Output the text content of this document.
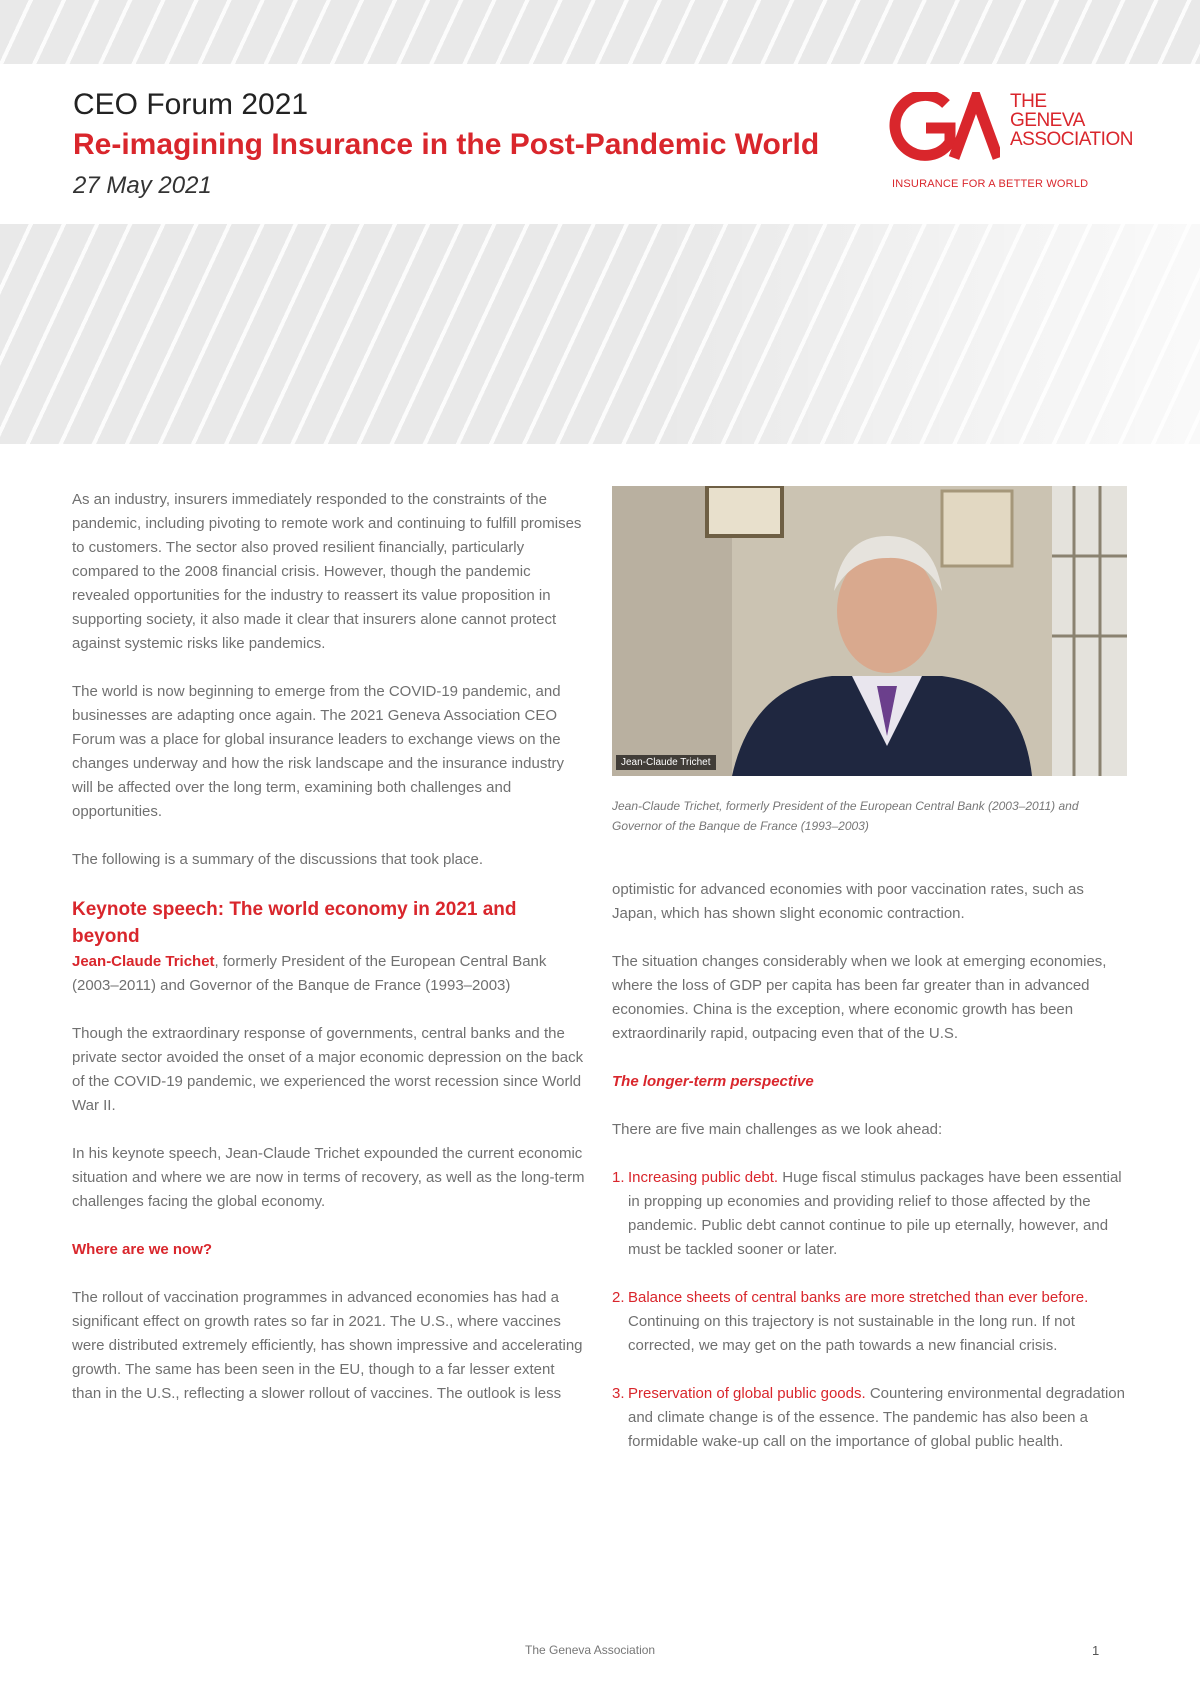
CEO Forum 2021
Re-imagining Insurance in the Post-Pandemic World
27 May 2021
THE
GENEVA
ASSOCIATION
INSURANCE FOR A BETTER WORLD

As an industry, insurers immediately responded to the constraints of the pandemic, including pivoting to remote work and continuing to fulfill promises to customers. The sector also proved resilient financially, particularly compared to the 2008 financial crisis. However, though the pandemic revealed opportunities for the industry to reassert its value proposition in supporting society, it also made it clear that insurers alone cannot protect against systemic risks like pandemics.

The world is now beginning to emerge from the COVID-19 pandemic, and businesses are adapting once again. The 2021 Geneva Association CEO Forum was a place for global insurance leaders to exchange views on the changes underway and how the risk landscape and the insurance industry will be affected over the long term, examining both challenges and opportunities.

The following is a summary of the discussions that took place.

Keynote speech: The world economy in 2021 and beyond

Jean-Claude Trichet, formerly President of the European Central Bank (2003–2011) and Governor of the Banque de France (1993–2003)

Though the extraordinary response of governments, central banks and the private sector avoided the onset of a major economic depression on the back of the COVID-19 pandemic, we experienced the worst recession since World War II.

In his keynote speech, Jean-Claude Trichet expounded the current economic situation and where we are now in terms of recovery, as well as the long-term challenges facing the global economy.

Where are we now?

The rollout of vaccination programmes in advanced economies has had a significant effect on growth rates so far in 2021. The U.S., where vaccines were distributed extremely efficiently, has shown impressive and accelerating growth. The same has been seen in the EU, though to a far lesser extent than in the U.S., reflecting a slower rollout of vaccines. The outlook is less

Jean-Claude Trichet

Jean-Claude Trichet, formerly President of the European Central Bank (2003–2011) and Governor of the Banque de France (1993–2003)

optimistic for advanced economies with poor vaccination rates, such as Japan, which has shown slight economic contraction.

The situation changes considerably when we look at emerging economies, where the loss of GDP per capita has been far greater than in advanced economies. China is the exception, where economic growth has been extraordinarily rapid, outpacing even that of the U.S.

The longer-term perspective

There are five main challenges as we look ahead:

1. Increasing public debt. Huge fiscal stimulus packages have been essential in propping up economies and providing relief to those affected by the pandemic. Public debt cannot continue to pile up eternally, however, and must be tackled sooner or later.
2. Balance sheets of central banks are more stretched than ever before. Continuing on this trajectory is not sustainable in the long run. If not corrected, we may get on the path towards a new financial crisis.
3. Preservation of global public goods. Countering environmental degradation and climate change is of the essence. The pandemic has also been a formidable wake-up call on the importance of global public health.
The Geneva Association	1
